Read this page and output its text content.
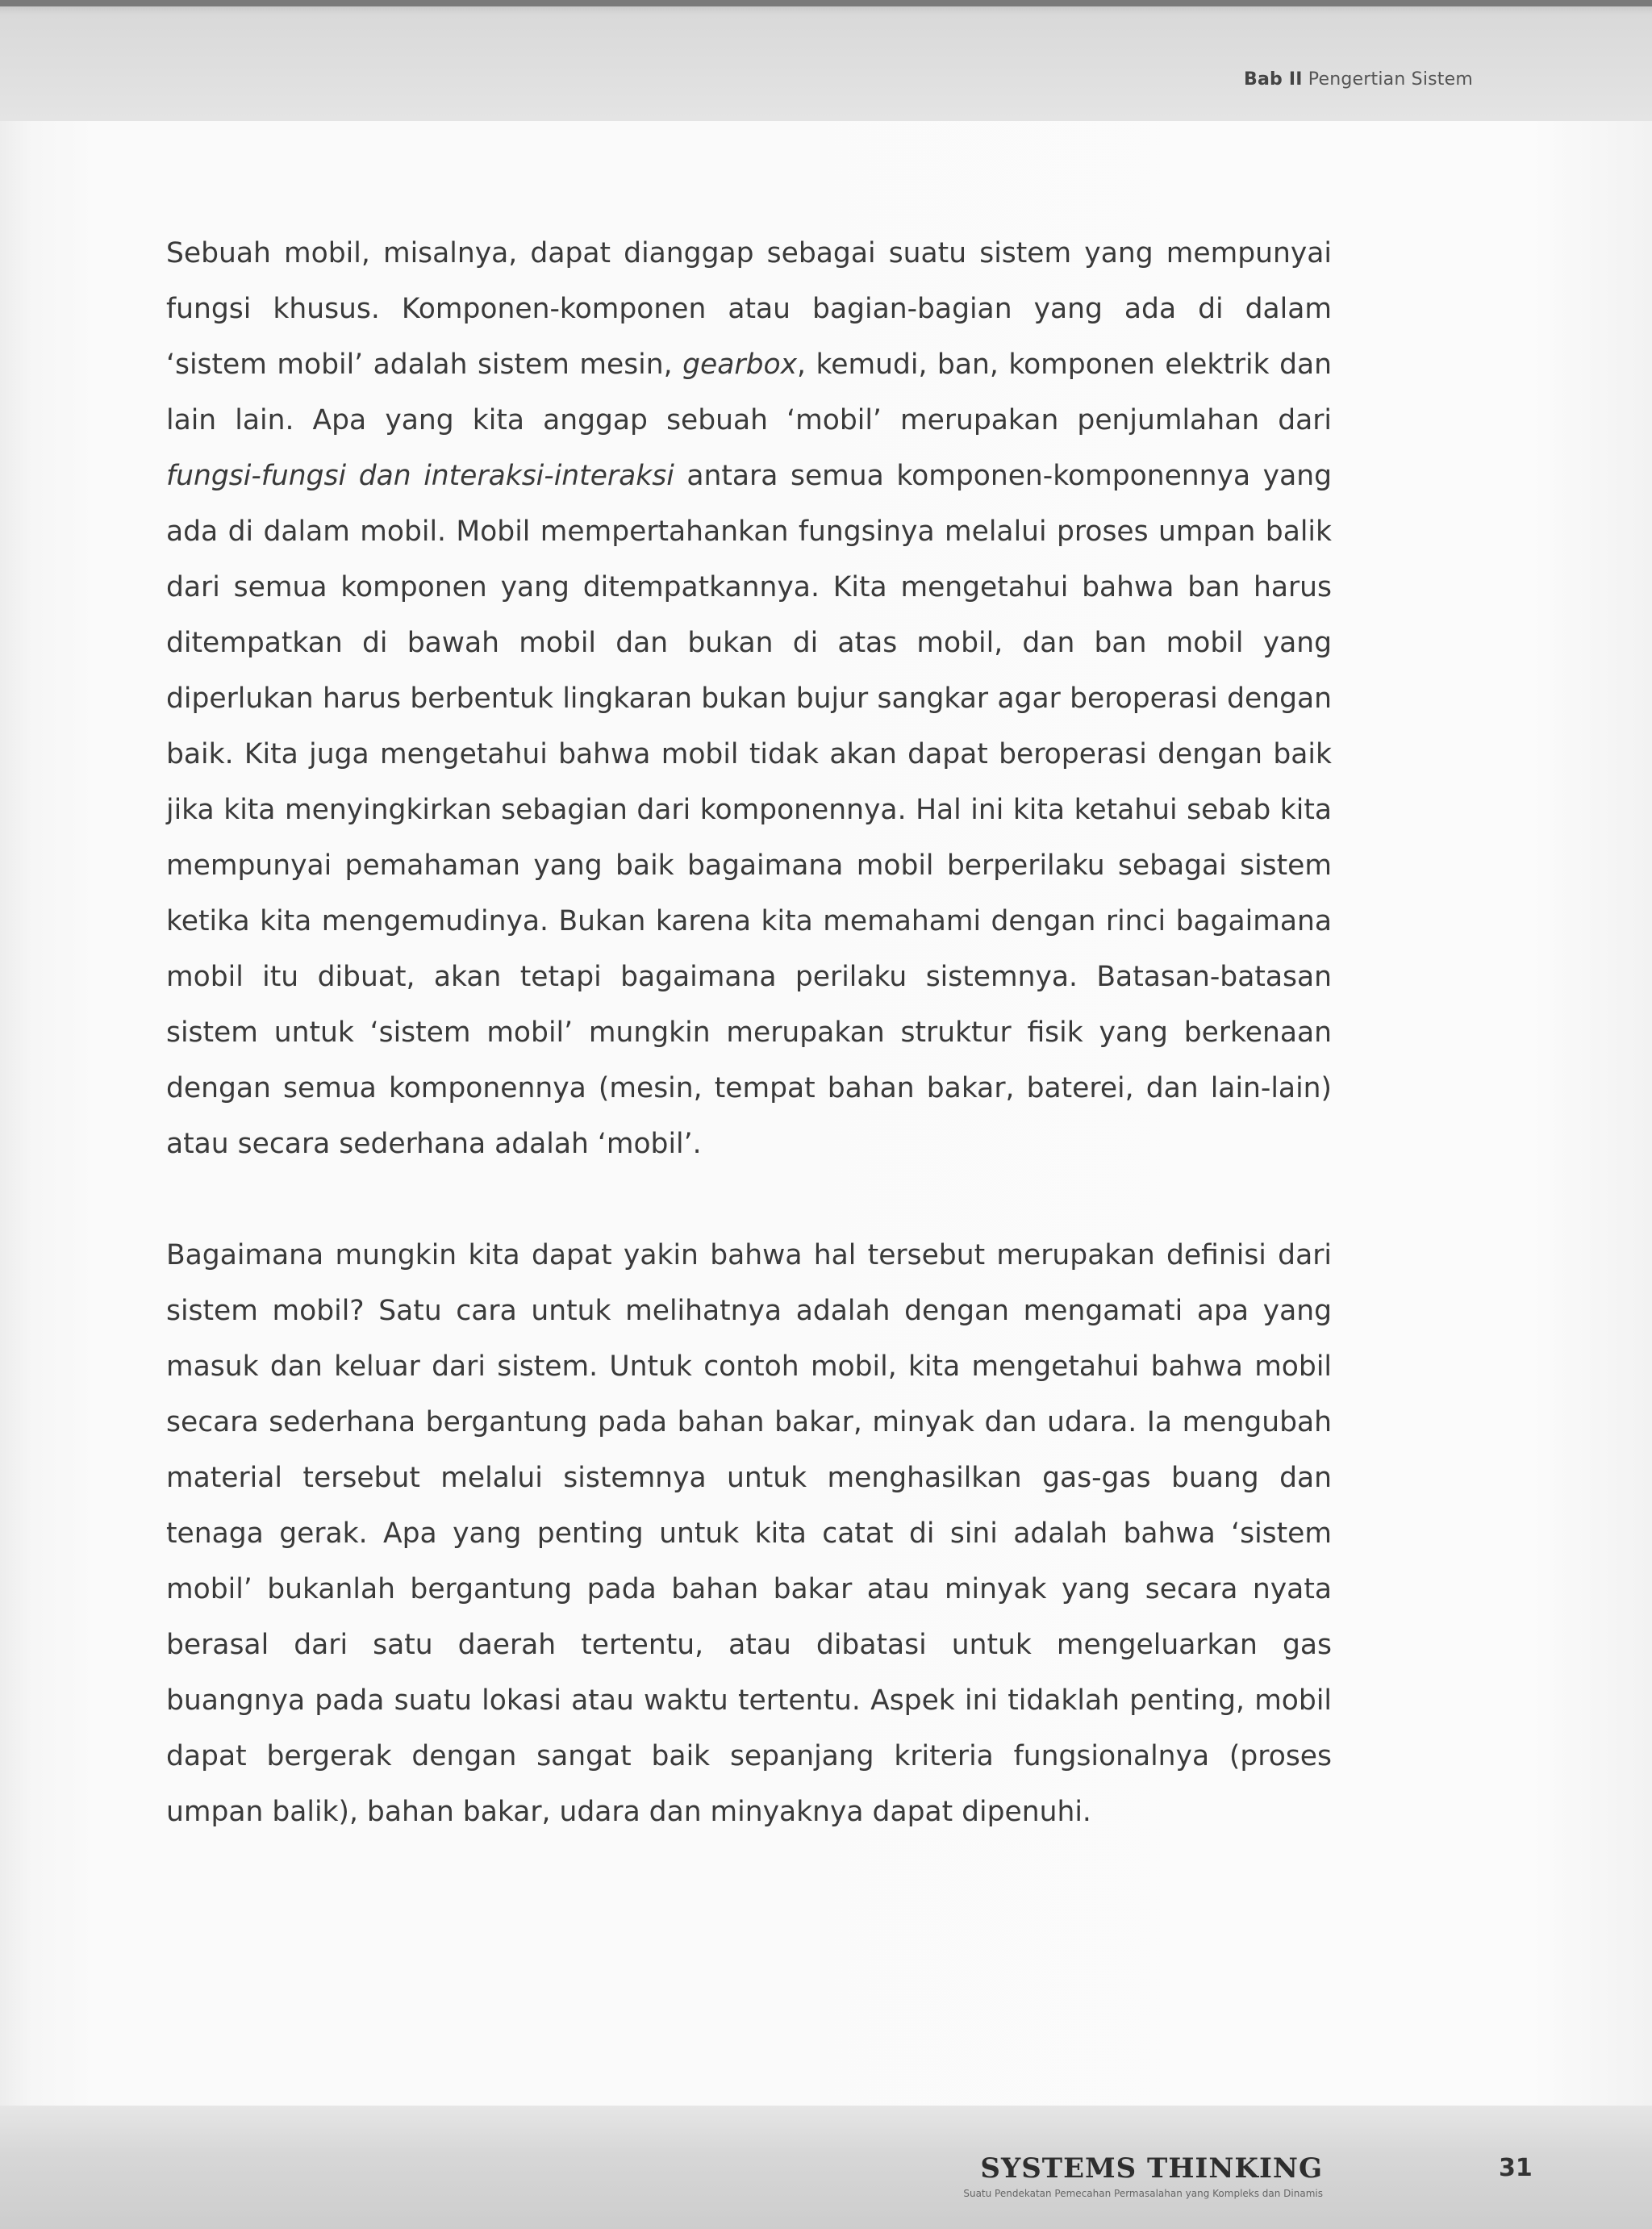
Bab II Pengertian Sistem

Sebuah mobil, misalnya, dapat dianggap sebagai suatu sistem yang mempunyai fungsi khusus. Komponen-komponen atau bagian-bagian yang ada di dalam ‘sistem mobil’ adalah sistem mesin, gearbox, kemudi, ban, komponen elektrik dan lain lain. Apa yang kita anggap sebuah ‘mobil’ merupakan penjumlahan dari fungsi-fungsi dan interaksi-interaksi antara semua komponen-komponennya yang ada di dalam mobil. Mobil mempertahankan fungsinya melalui proses umpan balik dari semua komponen yang ditempatkannya. Kita mengetahui bahwa ban harus ditempatkan di bawah mobil dan bukan di atas mobil, dan ban mobil yang diperlukan harus berbentuk lingkaran bukan bujur sangkar agar beroperasi dengan baik. Kita juga mengetahui bahwa mobil tidak akan dapat beroperasi dengan baik jika kita menyingkirkan sebagian dari komponennya. Hal ini kita ketahui sebab kita mempunyai pemahaman yang baik bagaimana mobil berperilaku sebagai sistem ketika kita mengemudinya. Bukan karena kita memahami dengan rinci bagaimana mobil itu dibuat, akan tetapi bagaimana perilaku sistemnya. Batasan-batasan sistem untuk ‘sistem mobil’ mungkin merupakan struktur fisik yang berkenaan dengan semua komponennya (mesin, tempat bahan bakar, baterei, dan lain-lain) atau secara sederhana adalah ‘mobil’.

Bagaimana mungkin kita dapat yakin bahwa hal tersebut merupakan definisi dari sistem mobil? Satu cara untuk melihatnya adalah dengan mengamati apa yang masuk dan keluar dari sistem. Untuk contoh mobil, kita mengetahui bahwa mobil secara sederhana bergantung pada bahan bakar, minyak dan udara. Ia mengubah material tersebut melalui sistemnya untuk menghasilkan gas-gas buang dan tenaga gerak. Apa yang penting untuk kita catat di sini adalah bahwa ‘sistem mobil’ bukanlah bergantung pada bahan bakar atau minyak yang secara nyata berasal dari satu daerah tertentu, atau dibatasi untuk mengeluarkan gas buangnya pada suatu lokasi atau waktu tertentu. Aspek ini tidaklah penting, mobil dapat bergerak dengan sangat baik sepanjang kriteria fungsionalnya (proses umpan balik), bahan bakar, udara dan minyaknya dapat dipenuhi.

SYSTEMS THINKING
Suatu Pendekatan Pemecahan Permasalahan yang Kompleks dan Dinamis
31
